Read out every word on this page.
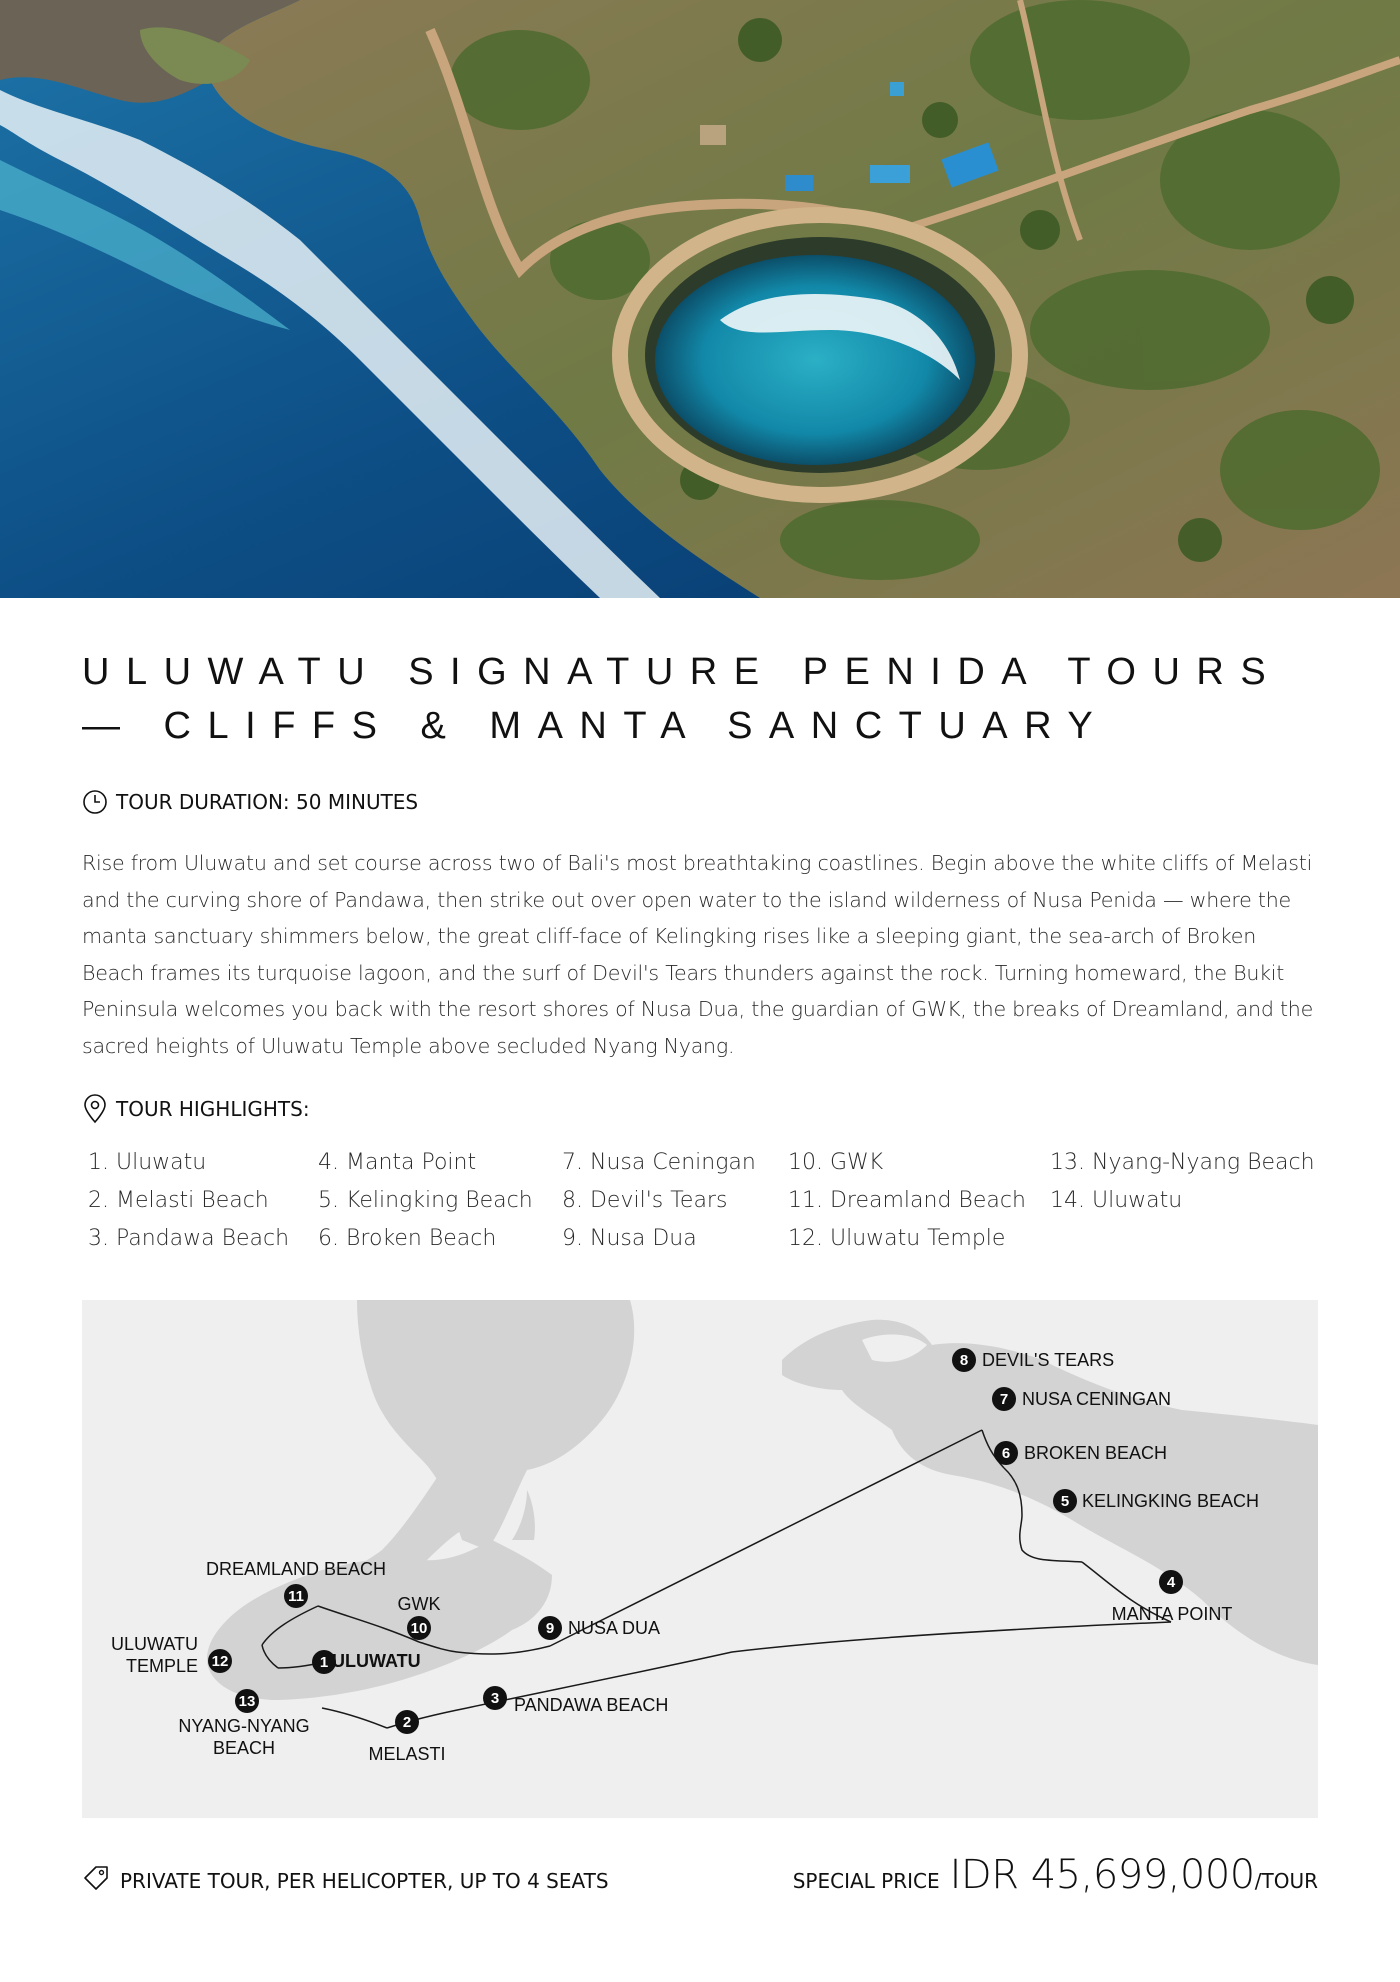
ULUWATU SIGNATURE PENIDA TOURS — CLIFFS & MANTA SANCTUARY
TOUR DURATION: 50 MINUTES

Rise from Uluwatu and set course across two of Bali's most breathtaking coastlines. Begin above the white cliffs of Melasti and the curving shore of Pandawa, then strike out over open water to the island wilderness of Nusa Penida — where the manta sanctuary shimmers below, the great cliff-face of Kelingking rises like a sleeping giant, the sea-arch of Broken Beach frames its turquoise lagoon, and the surf of Devil's Tears thunders against the rock. Turning homeward, the Bukit Peninsula welcomes you back with the resort shores of Nusa Dua, the guardian of GWK, the breaks of Dreamland, and the sacred heights of Uluwatu Temple above secluded Nyang Nyang.

TOUR HIGHLIGHTS:
1. Uluwatu
2. Melasti Beach
3. Pandawa Beach
4. Manta Point
5. Kelingking Beach
6. Broken Beach
7. Nusa Ceningan
8. Devil's Tears
9. Nusa Dua
10. GWK
11. Dreamland Beach
12. Uluwatu Temple
13. Nyang-Nyang Beach
14. Uluwatu
1
2
3
4
5
6
7
8
9
10
11
12
13
ULUWATU
MELASTI
PANDAWA BEACH
MANTA POINT
KELINGKING BEACH
BROKEN BEACH
NUSA CENINGAN
DEVIL'S TEARS
NUSA DUA
GWK
DREAMLAND BEACH
ULUWATU TEMPLE
NYANG-NYANG BEACH
PRIVATE TOUR, PER HELICOPTER, UP TO 4 SEATS	SPECIAL PRICE IDR 45,699,000 /TOUR
